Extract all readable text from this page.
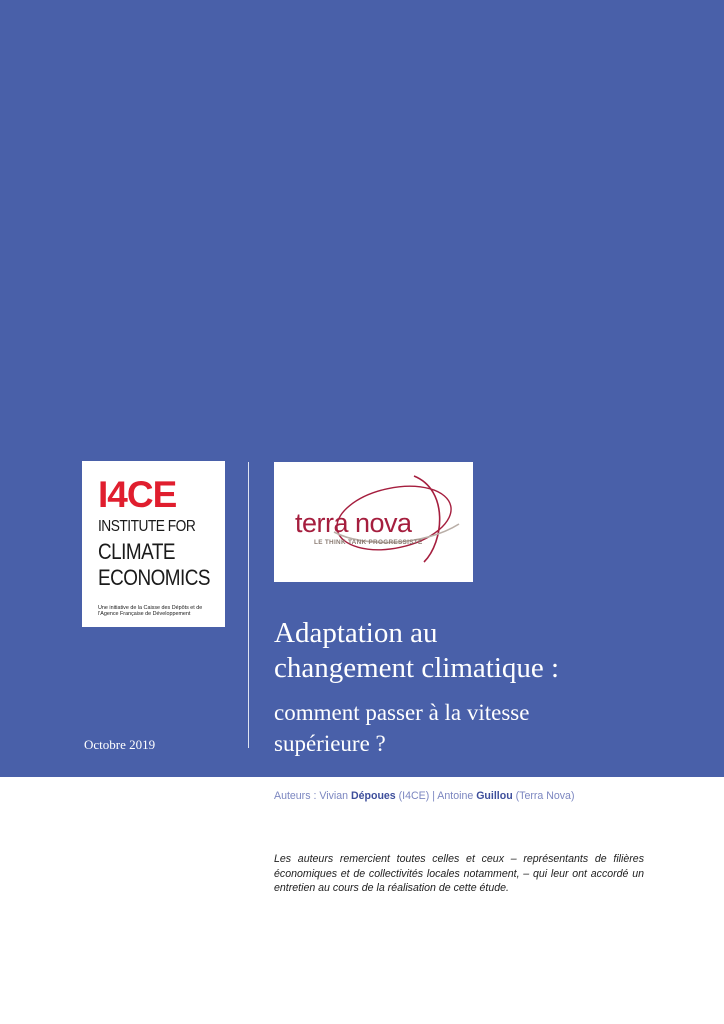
I4CE
INSTITUTE FOR
CLIMATE
ECONOMICS
Une initiative de la Caisse des Dépôts et de l'Agence Française de Développement
terra nova
LE THINK TANK PROGRESSISTE
Octobre 2019
Adaptation au
changement climatique :
comment passer à la vitesse
supérieure ?
Auteurs : Vivian Dépoues (I4CE) | Antoine Guillou (Terra Nova)
Les auteurs remercient toutes celles et ceux – représentants de filières économiques et de collectivités locales notamment, – qui leur ont accordé un entretien au cours de la réalisation de cette étude.
